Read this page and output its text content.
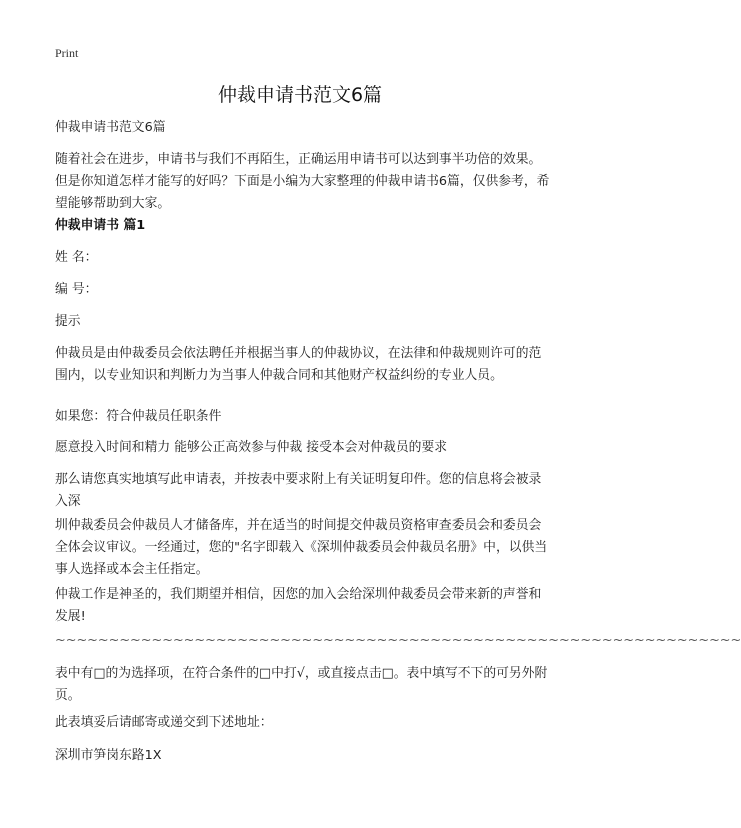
Print
仲裁申请书范文6篇
仲裁申请书范文6篇
随着社会在进步，申请书与我们不再陌生，正确运用申请书可以达到事半功倍的效果。但是你知道怎样才能写的好吗？下面是小编为大家整理的仲裁申请书6篇，仅供参考，希望能够帮助到大家。
仲裁申请书 篇1
姓 名：
编 号：
提示
仲裁员是由仲裁委员会依法聘任并根据当事人的仲裁协议，在法律和仲裁规则许可的范围内，以专业知识和判断力为当事人仲裁合同和其他财产权益纠纷的专业人员。
如果您：符合仲裁员任职条件
愿意投入时间和精力 能够公正高效参与仲裁 接受本会对仲裁员的要求
那么请您真实地填写此申请表，并按表中要求附上有关证明复印件。您的信息将会被录入深
圳仲裁委员会仲裁员人才储备库，并在适当的时间提交仲裁员资格审查委员会和委员会全体会议审议。一经通过，您的"名字即载入《深圳仲裁委员会仲裁员名册》中，以供当事人选择或本会主任指定。
仲裁工作是神圣的，我们期望并相信，因您的加入会给深圳仲裁委员会带来新的声誉和发展!
~~~~~~~~~~~~~~~~~~~~~~~~~~~~~~~~~~~~~~~~~~~~~~~~~~~~~~~~~~~~~~~~
表中有□的为选择项，在符合条件的□中打√，或直接点击□。表中填写不下的可另外附页。
此表填妥后请邮寄或递交到下述地址：
深圳市笋岗东路1X
